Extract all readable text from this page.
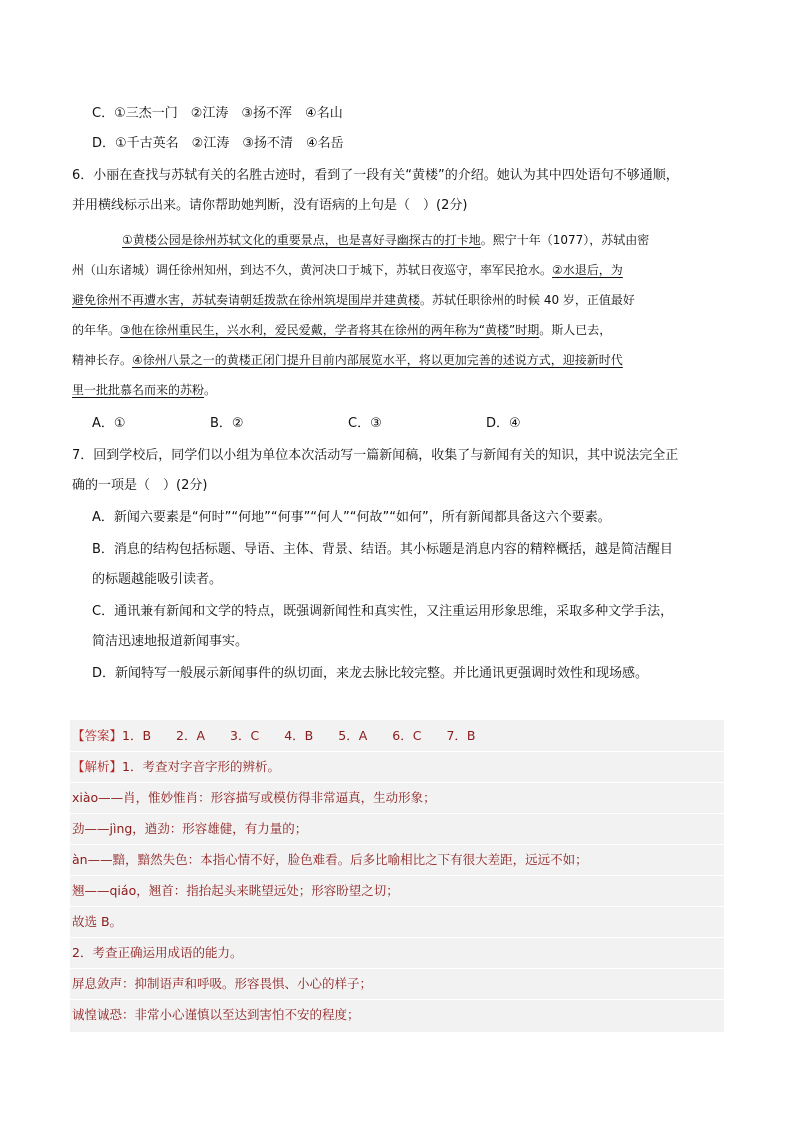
C．①三杰一门　②江涛　③扬不浑　④名山
D．①千古英名　②江涛　③扬不清　④名岳
6．小丽在查找与苏轼有关的名胜古迹时，看到了一段有关“黄楼”的介绍。她认为其中四处语句不够通顺，
并用横线标示出来。请你帮助她判断，没有语病的上句是（　）(2分)
①黄楼公园是徐州苏轼文化的重要景点，也是喜好寻幽探古的打卡地。熙宁十年（1077），苏轼由密
州（山东诸城）调任徐州知州，到达不久，黄河决口于城下，苏轼日夜巡守，率军民抢水。②水退后，为
避免徐州不再遭水害，苏轼奏请朝廷拨款在徐州筑堤围岸并建黄楼。苏轼任职徐州的时候 40 岁，正值最好
的年华。③他在徐州重民生，兴水利，爱民爱戴，学者将其在徐州的两年称为“黄楼”时期。斯人已去，
精神长存。④徐州八景之一的黄楼正闭门提升目前内部展览水平，将以更加完善的述说方式，迎接新时代
里一批批慕名而来的苏粉。
A．①	B．②	C．③	D．④
7．回到学校后，同学们以小组为单位本次活动写一篇新闻稿，收集了与新闻有关的知识，其中说法完全正
确的一项是（　）(2分)
A．新闻六要素是“何时”“何地”“何事”“何人”“何故”“如何”，所有新闻都具备这六个要素。
B．消息的结构包括标题、导语、主体、背景、结语。其小标题是消息内容的精粹概括，越是简洁醒目
的标题越能吸引读者。
C．通讯兼有新闻和文学的特点，既强调新闻性和真实性，又注重运用形象思维，采取多种文学手法，
简洁迅速地报道新闻事实。
D．新闻特写一般展示新闻事件的纵切面，来龙去脉比较完整。并比通讯更强调时效性和现场感。
【答案】1．B　　2．A　　3．C　　4．B　　5．A　　6．C　　7．B
【解析】1．考查对字音字形的辨析。
xiào——肖，惟妙惟肖：形容描写或模仿得非常逼真，生动形象；
劲——jìng，遒劲：形容雄健，有力量的；
àn——黯，黯然失色：本指心情不好，脸色难看。后多比喻相比之下有很大差距，远远不如；
翘——qiáo，翘首：指抬起头来眺望远处；形容盼望之切；
故选 B。
2．考查正确运用成语的能力。
屏息敛声：抑制语声和呼吸。形容畏惧、小心的样子；
诚惶诚恐：非常小心谨慎以至达到害怕不安的程度；
